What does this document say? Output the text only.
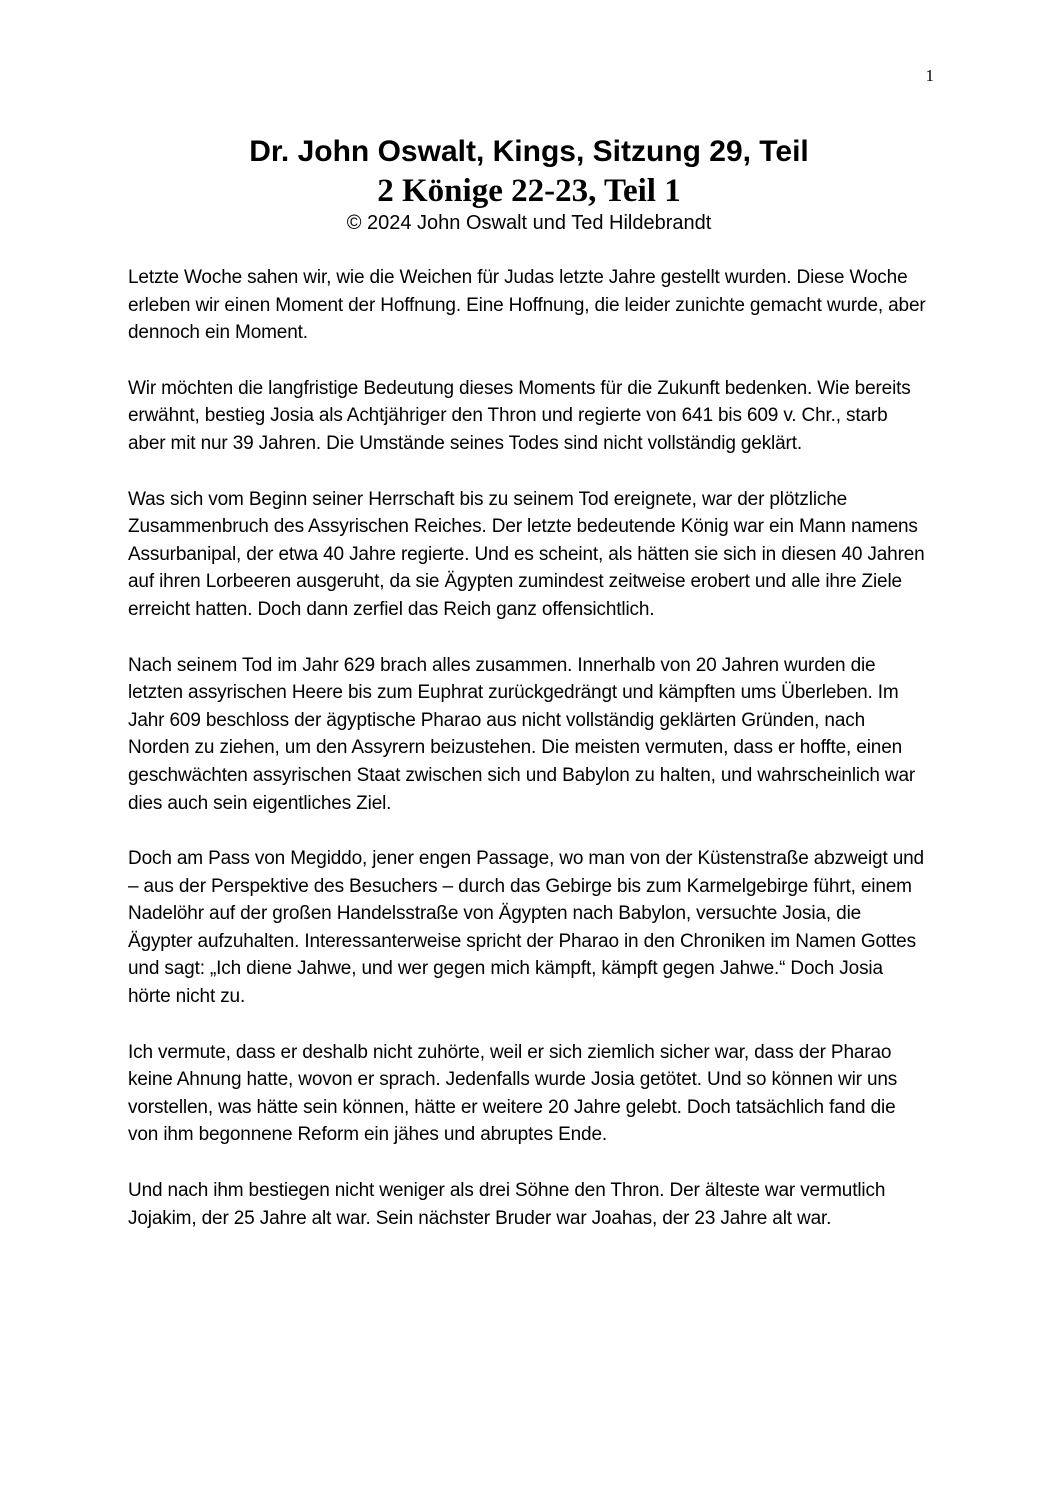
1
Dr. John Oswalt, Kings, Sitzung 29, Teil
2 Könige 22-23, Teil 1

© 2024 John Oswalt und Ted Hildebrandt

Letzte Woche sahen wir, wie die Weichen für Judas letzte Jahre gestellt wurden. Diese Woche erleben wir einen Moment der Hoffnung. Eine Hoffnung, die leider zunichte gemacht wurde, aber dennoch ein Moment.

Wir möchten die langfristige Bedeutung dieses Moments für die Zukunft bedenken. Wie bereits erwähnt, bestieg Josia als Achtjähriger den Thron und regierte von 641 bis 609 v. Chr., starb aber mit nur 39 Jahren. Die Umstände seines Todes sind nicht vollständig geklärt.

Was sich vom Beginn seiner Herrschaft bis zu seinem Tod ereignete, war der plötzliche Zusammenbruch des Assyrischen Reiches. Der letzte bedeutende König war ein Mann namens Assurbanipal, der etwa 40 Jahre regierte. Und es scheint, als hätten sie sich in diesen 40 Jahren auf ihren Lorbeeren ausgeruht, da sie Ägypten zumindest zeitweise erobert und alle ihre Ziele erreicht hatten. Doch dann zerfiel das Reich ganz offensichtlich.

Nach seinem Tod im Jahr 629 brach alles zusammen. Innerhalb von 20 Jahren wurden die letzten assyrischen Heere bis zum Euphrat zurückgedrängt und kämpften ums Überleben. Im Jahr 609 beschloss der ägyptische Pharao aus nicht vollständig geklärten Gründen, nach Norden zu ziehen, um den Assyrern beizustehen. Die meisten vermuten, dass er hoffte, einen geschwächten assyrischen Staat zwischen sich und Babylon zu halten, und wahrscheinlich war dies auch sein eigentliches Ziel.

Doch am Pass von Megiddo, jener engen Passage, wo man von der Küstenstraße abzweigt und – aus der Perspektive des Besuchers – durch das Gebirge bis zum Karmelgebirge führt, einem Nadelöhr auf der großen Handelsstraße von Ägypten nach Babylon, versuchte Josia, die Ägypter aufzuhalten. Interessanterweise spricht der Pharao in den Chroniken im Namen Gottes und sagt: „Ich diene Jahwe, und wer gegen mich kämpft, kämpft gegen Jahwe.“ Doch Josia hörte nicht zu.

Ich vermute, dass er deshalb nicht zuhörte, weil er sich ziemlich sicher war, dass der Pharao keine Ahnung hatte, wovon er sprach. Jedenfalls wurde Josia getötet. Und so können wir uns vorstellen, was hätte sein können, hätte er weitere 20 Jahre gelebt. Doch tatsächlich fand die von ihm begonnene Reform ein jähes und abruptes Ende.

Und nach ihm bestiegen nicht weniger als drei Söhne den Thron. Der älteste war vermutlich Jojakim, der 25 Jahre alt war. Sein nächster Bruder war Joahas, der 23 Jahre alt war.
